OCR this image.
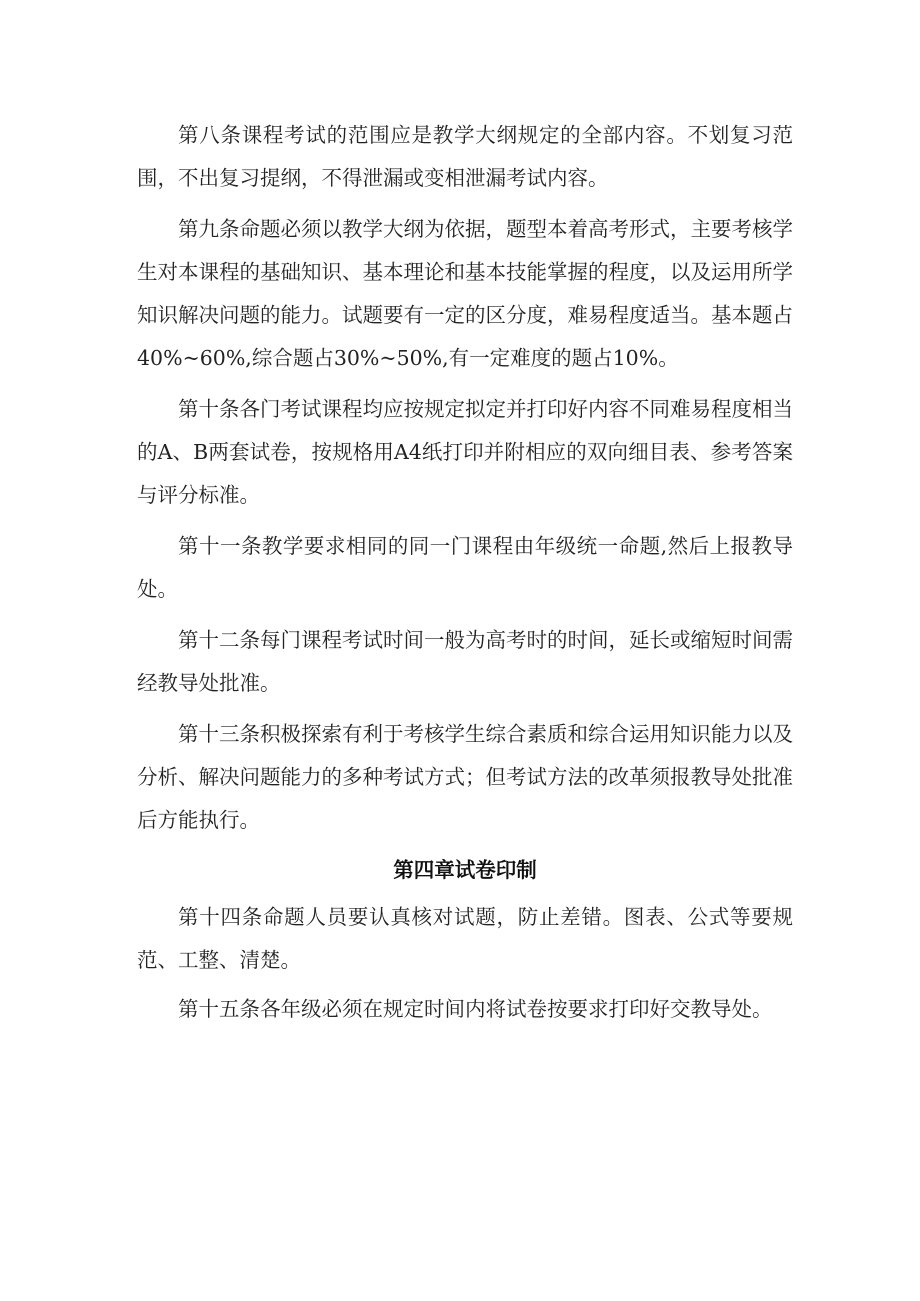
第八条课程考试的范围应是教学大纲规定的全部内容。不划复习范围，不出复习提纲，不得泄漏或变相泄漏考试内容。

第九条命题必须以教学大纲为依据，题型本着高考形式，主要考核学生对本课程的基础知识、基本理论和基本技能掌握的程度，以及运用所学知识解决问题的能力。试题要有一定的区分度，难易程度适当。基本题占40%~60%,综合题占30%~50%,有一定难度的题占10%。

第十条各门考试课程均应按规定拟定并打印好内容不同难易程度相当的A、B两套试卷，按规格用A4纸打印并附相应的双向细目表、参考答案与评分标准。

第十一条教学要求相同的同一门课程由年级统一命题,然后上报教导处。

第十二条每门课程考试时间一般为高考时的时间，延长或缩短时间需经教导处批准。

第十三条积极探索有利于考核学生综合素质和综合运用知识能力以及分析、解决问题能力的多种考试方式；但考试方法的改革须报教导处批准后方能执行。

第四章试卷印制

第十四条命题人员要认真核对试题，防止差错。图表、公式等要规范、工整、清楚。

第十五条各年级必须在规定时间内将试卷按要求打印好交教导处。
